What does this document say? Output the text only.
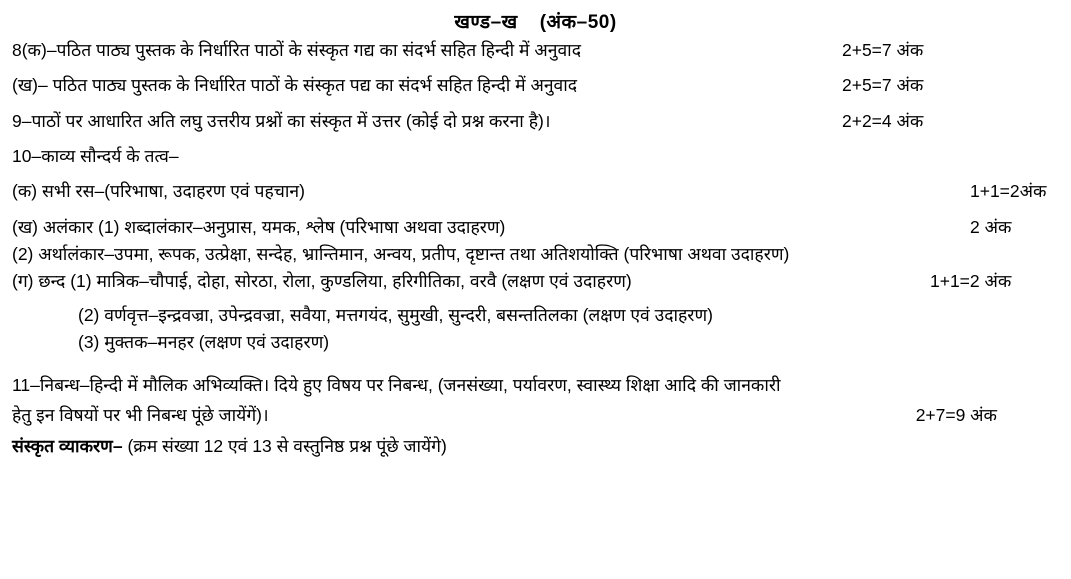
खण्ड–ख (अंक–50)
8(क)–पठित पाठ्य पुस्तक के निर्धारित पाठों के संस्कृत गद्य का संदर्भ सहित हिन्दी में अनुवाद	2+5=7 अंक
(ख)– पठित पाठ्य पुस्तक के निर्धारित पाठों के संस्कृत पद्य का संदर्भ सहित हिन्दी में अनुवाद	2+5=7 अंक
9–पाठों पर आधारित अति लघु उत्तरीय प्रश्नों का संस्कृत में उत्तर (कोई दो प्रश्न करना है)।	2+2=4 अंक
10–काव्य सौन्दर्य के तत्व–
(क) सभी रस–(परिभाषा, उदाहरण एवं पहचान)	1+1=2अंक
(ख) अलंकार (1) शब्दालंकार–अनुप्रास, यमक, श्लेष (परिभाषा अथवा उदाहरण)	2 अंक
(2) अर्थालंकार–उपमा, रूपक, उत्प्रेक्षा, सन्देह, भ्रान्तिमान, अन्वय, प्रतीप, दृष्टान्त तथा अतिशयोक्ति (परिभाषा अथवा उदाहरण)
(ग) छन्द (1) मात्रिक–चौपाई, दोहा, सोरठा, रोला, कुण्डलिया, हरिगीतिका, वरवै (लक्षण एवं उदाहरण)	1+1=2 अंक
(2) वर्णवृत्त–इन्द्रवज्रा, उपेन्द्रवज्रा, सवैया, मत्तगयंद, सुमुखी, सुन्दरी, बसन्ततिलका (लक्षण एवं उदाहरण)
(3) मुक्तक–मनहर (लक्षण एवं उदाहरण)
11–निबन्ध–हिन्दी में मौलिक अभिव्यक्ति। दिये हुए विषय पर निबन्ध, (जनसंख्या, पर्यावरण, स्वास्थ्य शिक्षा आदि की जानकारी
हेतु इन विषयों पर भी निबन्ध पूंछे जायेंगें)।	2+7=9 अंक
संस्कृत व्याकरण– (क्रम संख्या 12 एवं 13 से वस्तुनिष्ठ प्रश्न पूंछे जायेंगे)
